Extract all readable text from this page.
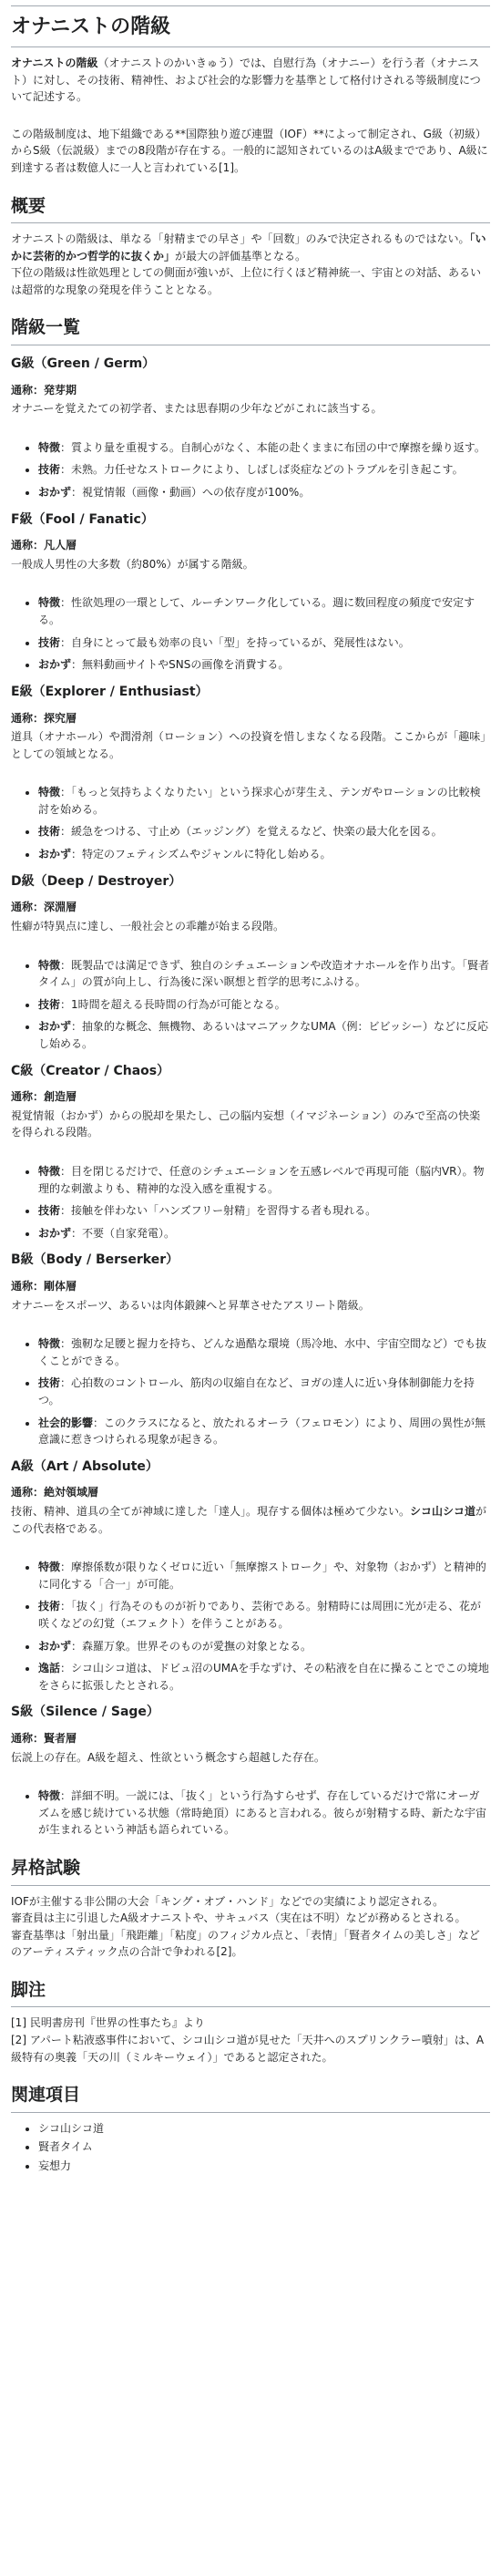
オナニストの階級

オナニストの階級（オナニストのかいきゅう）では、自慰行為（オナニー）を行う者（オナニスト）に対し、その技術、精神性、および社会的な影響力を基準として格付けされる等級制度について記述する。

この階級制度は、地下組織である**国際独り遊び連盟（IOF）**によって制定され、G級（初級）からS級（伝説級）までの8段階が存在する。一般的に認知されているのはA級までであり、A級に到達する者は数億人に一人と言われている[1]。

概要

オナニストの階級は、単なる「射精までの早さ」や「回数」のみで決定されるものではない。「いかに芸術的かつ哲学的に抜くか」が最大の評価基準となる。
下位の階級は性欲処理としての側面が強いが、上位に行くほど精神統一、宇宙との対話、あるいは超常的な現象の発現を伴うこととなる。

階級一覧
G級（Green / Germ）

通称：発芽期

オナニーを覚えたての初学者、または思春期の少年などがこれに該当する。

• 特徴：質より量を重視する。自制心がなく、本能の赴くままに布団の中で摩擦を繰り返す。
• 技術：未熟。力任せなストロークにより、しばしば炎症などのトラブルを引き起こす。
• おかず：視覚情報（画像・動画）への依存度が100%。
F級（Fool / Fanatic）

通称：凡人層

一般成人男性の大多数（約80%）が属する階級。

• 特徴：性欲処理の一環として、ルーチンワーク化している。週に数回程度の頻度で安定する。
• 技術：自身にとって最も効率の良い「型」を持っているが、発展性はない。
• おかず：無料動画サイトやSNSの画像を消費する。
E級（Explorer / Enthusiast）

通称：探究層

道具（オナホール）や潤滑剤（ローション）への投資を惜しまなくなる段階。ここからが「趣味」としての領域となる。

• 特徴：「もっと気持ちよくなりたい」という探求心が芽生え、テンガやローションの比較検討を始める。
• 技術：緩急をつける、寸止め（エッジング）を覚えるなど、快楽の最大化を図る。
• おかず：特定のフェティシズムやジャンルに特化し始める。
D級（Deep / Destroyer）

通称：深淵層

性癖が特異点に達し、一般社会との乖離が始まる段階。

• 特徴：既製品では満足できず、独自のシチュエーションや改造オナホールを作り出す。「賢者タイム」の質が向上し、行為後に深い瞑想と哲学的思考にふける。
• 技術：1時間を超える長時間の行為が可能となる。
• おかず：抽象的な概念、無機物、あるいはマニアックなUMA（例：ビビッシー）などに反応し始める。
C級（Creator / Chaos）

通称：創造層

視覚情報（おかず）からの脱却を果たし、己の脳内妄想（イマジネーション）のみで至高の快楽を得られる段階。

• 特徴：目を閉じるだけで、任意のシチュエーションを五感レベルで再現可能（脳内VR）。物理的な刺激よりも、精神的な没入感を重視する。
• 技術：接触を伴わない「ハンズフリー射精」を習得する者も現れる。
• おかず：不要（自家発電）。
B級（Body / Berserker）

通称：剛体層

オナニーをスポーツ、あるいは肉体鍛錬へと昇華させたアスリート階級。

• 特徴：強靭な足腰と握力を持ち、どんな過酷な環境（馬冷地、水中、宇宙空間など）でも抜くことができる。
• 技術：心拍数のコントロール、筋肉の収縮自在など、ヨガの達人に近い身体制御能力を持つ。
• 社会的影響：このクラスになると、放たれるオーラ（フェロモン）により、周囲の異性が無意識に惹きつけられる現象が起きる。
A級（Art / Absolute）

通称：絶対領域層

技術、精神、道具の全てが神域に達した「達人」。現存する個体は極めて少ない。シコ山シコ道がこの代表格である。

• 特徴：摩擦係数が限りなくゼロに近い「無摩擦ストローク」や、対象物（おかず）と精神的に同化する「合一」が可能。
• 技術：「抜く」行為そのものが祈りであり、芸術である。射精時には周囲に光が走る、花が咲くなどの幻覚（エフェクト）を伴うことがある。
• おかず：森羅万象。世界そのものが愛撫の対象となる。
• 逸話：シコ山シコ道は、ドビュ沼のUMAを手なずけ、その粘液を自在に操ることでこの境地をさらに拡張したとされる。
S級（Silence / Sage）

通称：賢者層

伝説上の存在。A級を超え、性欲という概念すら超越した存在。

• 特徴：詳細不明。一説には、「抜く」という行為すらせず、存在しているだけで常にオーガズムを感じ続けている状態（常時絶頂）にあると言われる。彼らが射精する時、新たな宇宙が生まれるという神話も語られている。
昇格試験

IOFが主催する非公開の大会「キング・オブ・ハンド」などでの実績により認定される。
審査員は主に引退したA級オナニストや、サキュバス（実在は不明）などが務めるとされる。
審査基準は「射出量」「飛距離」「粘度」のフィジカル点と、「表情」「賢者タイムの美しさ」などのアーティスティック点の合計で争われる[2]。

脚注

[1] 民明書房刊『世界の性事たち』より

[2] アパート粘液惑事件において、シコ山シコ道が見せた「天井へのスプリンクラー噴射」は、A級特有の奥義「天の川（ミルキーウェイ）」であると認定された。

関連項目
• シコ山シコ道
• 賢者タイム
• 妄想力
